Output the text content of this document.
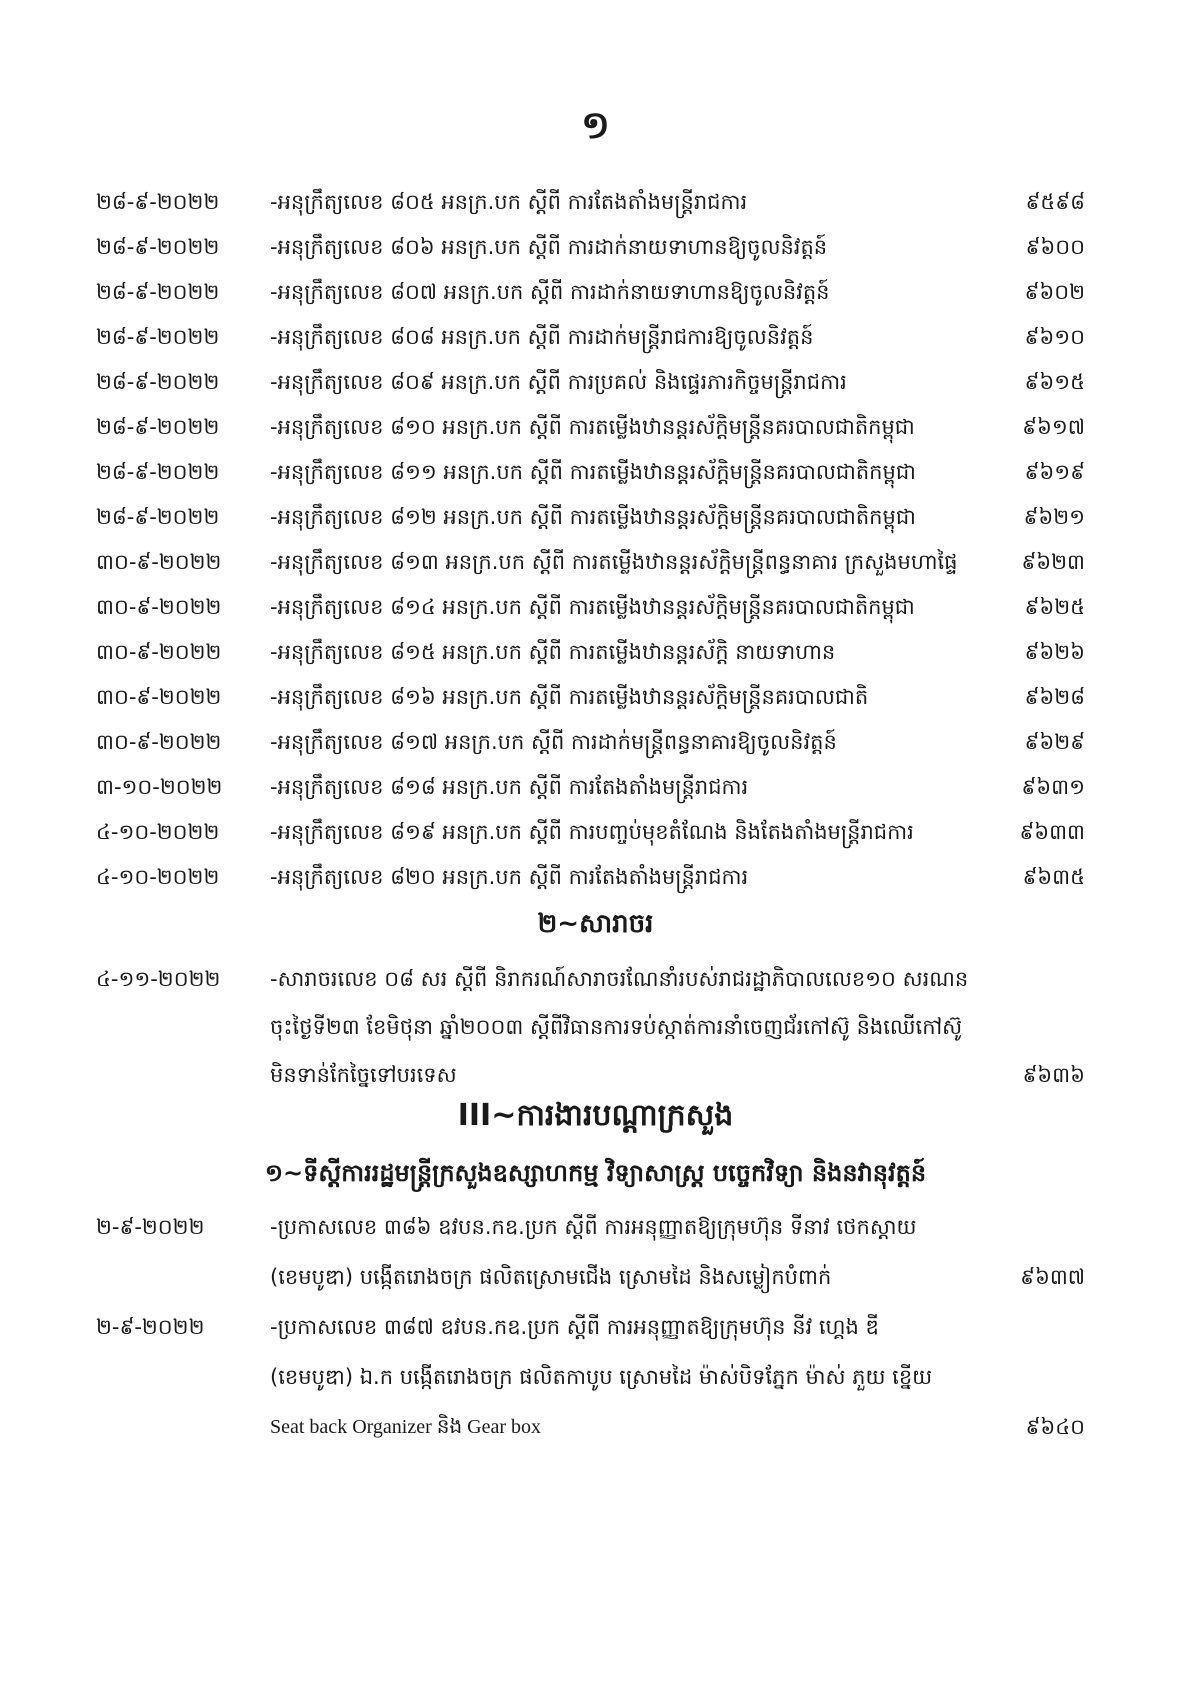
១
២៨-៩-២០២២	-អនុក្រឹត្យលេខ ៨០៥ អនក្រ.បក ស្ដីពី ការតែងតាំងមន្ត្រីរាជការ	៩៥៩៨
២៨-៩-២០២២	-អនុក្រឹត្យលេខ ៨០៦ អនក្រ.បក ស្ដីពី ការដាក់នាយទាហានឱ្យចូលនិវត្តន៍	៩៦០០
២៨-៩-២០២២	-អនុក្រឹត្យលេខ ៨០៧ អនក្រ.បក ស្ដីពី ការដាក់នាយទាហានឱ្យចូលនិវត្តន៍	៩៦០២
២៨-៩-២០២២	-អនុក្រឹត្យលេខ ៨០៨ អនក្រ.បក ស្ដីពី ការដាក់មន្ត្រីរាជការឱ្យចូលនិវត្តន៍	៩៦១០
២៨-៩-២០២២	-អនុក្រឹត្យលេខ ៨០៩ អនក្រ.បក ស្ដីពី ការប្រគល់ និងផ្ទេរភារកិច្ចមន្ត្រីរាជការ	៩៦១៥
២៨-៩-២០២២	-អនុក្រឹត្យលេខ ៨១០ អនក្រ.បក ស្ដីពី ការតម្លើងឋានន្តរស័ក្តិមន្ត្រីនគរបាលជាតិកម្ពុជា	៩៦១៧
២៨-៩-២០២២	-អនុក្រឹត្យលេខ ៨១១ អនក្រ.បក ស្ដីពី ការតម្លើងឋានន្តរស័ក្តិមន្ត្រីនគរបាលជាតិកម្ពុជា	៩៦១៩
២៨-៩-២០២២	-អនុក្រឹត្យលេខ ៨១២ អនក្រ.បក ស្ដីពី ការតម្លើងឋានន្តរស័ក្តិមន្ត្រីនគរបាលជាតិកម្ពុជា	៩៦២១
៣០-៩-២០២២	-អនុក្រឹត្យលេខ ៨១៣ អនក្រ.បក ស្ដីពី ការតម្លើងឋានន្តរស័ក្តិមន្ត្រីពន្ធនាគារ ក្រសួងមហាផ្ទៃ	៩៦២៣
៣០-៩-២០២២	-អនុក្រឹត្យលេខ ៨១៤ អនក្រ.បក ស្ដីពី ការតម្លើងឋានន្តរស័ក្តិមន្ត្រីនគរបាលជាតិកម្ពុជា	៩៦២៥
៣០-៩-២០២២	-អនុក្រឹត្យលេខ ៨១៥ អនក្រ.បក ស្ដីពី ការតម្លើងឋានន្តរស័ក្តិ នាយទាហាន	៩៦២៦
៣០-៩-២០២២	-អនុក្រឹត្យលេខ ៨១៦ អនក្រ.បក ស្ដីពី ការតម្លើងឋានន្តរស័ក្តិមន្ត្រីនគរបាលជាតិ	៩៦២៨
៣០-៩-២០២២	-អនុក្រឹត្យលេខ ៨១៧ អនក្រ.បក ស្ដីពី ការដាក់មន្ត្រីពន្ធនាគារឱ្យចូលនិវត្តន៍	៩៦២៩
៣-១០-២០២២	-អនុក្រឹត្យលេខ ៨១៨ អនក្រ.បក ស្ដីពី ការតែងតាំងមន្ត្រីរាជការ	៩៦៣១
៤-១០-២០២២	-អនុក្រឹត្យលេខ ៨១៩ អនក្រ.បក ស្ដីពី ការបញ្ចប់មុខតំណែង និងតែងតាំងមន្ត្រីរាជការ	៩៦៣៣
៤-១០-២០២២	-អនុក្រឹត្យលេខ ៨២០ អនក្រ.បក ស្ដីពី ការតែងតាំងមន្ត្រីរាជការ	៩៦៣៥
២~សារាចរ
៤-១១-២០២២	-សារាចរលេខ ០៨ សរ ស្ដីពី និរាករណ៍សារាចរណែនាំរបស់រាជរដ្ឋាភិបាលលេខ១០ សរណន
ចុះថ្ងៃទី២៣ ខែមិថុនា ឆ្នាំ២០០៣ ស្ដីពីវិធានការទប់ស្កាត់ការនាំចេញជ័រកៅស៊ូ និងឈើកៅស៊ូ
មិនទាន់កែច្នៃទៅបរទេស	៩៦៣៦
III~ការងារបណ្ដាក្រសួង
១~ទីស្ដីការរដ្ឋមន្ត្រីក្រសួងឧស្សាហកម្ម វិទ្យាសាស្ត្រ បច្ចេកវិទ្យា និងនវានុវត្តន៍
២-៩-២០២២	-ប្រកាសលេខ ៣៨៦ ឧវបន.កឧ.ប្រក ស្ដីពី ការអនុញ្ញាតឱ្យក្រុមហ៊ុន ទីនាវ ថេកស្ដាយ
(ខេមបូឌា) បង្កើតរោងចក្រ ផលិតស្រោមជើង ស្រោមដៃ និងសម្លៀកបំពាក់	៩៦៣៧
២-៩-២០២២	-ប្រកាសលេខ ៣៨៧ ឧវបន.កឧ.ប្រក ស្ដីពី ការអនុញ្ញាតឱ្យក្រុមហ៊ុន នីវ ហ្គេង ឌី
(ខេមបូឌា) ឯ.ក បង្កើតរោងចក្រ ផលិតកាបូប ស្រោមដៃ ម៉ាស់បិទភ្នែក ម៉ាស់ ភួយ ខ្នើយ
Seat back Organizer និង Gear box	៩៦៤០
